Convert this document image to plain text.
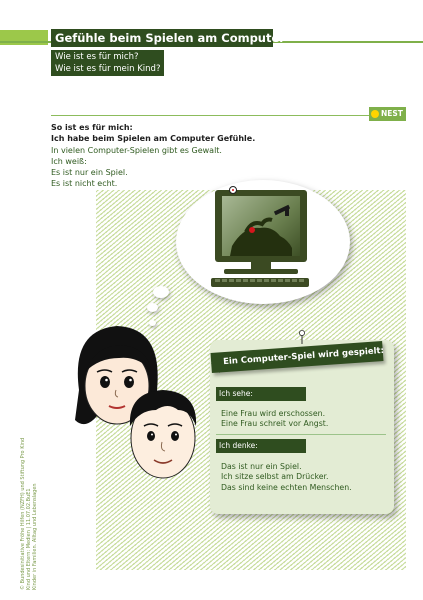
Gefühle beim Spielen am Computer
Wie ist es für mich?
Wie ist es für mein Kind?
NEST
So ist es für mich:
Ich habe beim Spielen am Computer Gefühle.
In vielen Computer-Spielen gibt es Gewalt.
Ich weiß:
Es ist nur ein Spiel.
Es ist nicht echt.
© Bundesinitiative Fröhe Hilfen (NZFH) und Stiftung Pro Kind Kind und Eltern: Medien | 11.07.02.BuE1 Kinder in Familien. Alltag und Lebenslagen
Ein Computer-Spiel wird gespielt:
Ich sehe:
Eine Frau wird erschossen.
Eine Frau schreit vor Angst.
Ich denke:
Das ist nur ein Spiel.
Ich sitze selbst am Drücker.
Das sind keine echten Menschen.
